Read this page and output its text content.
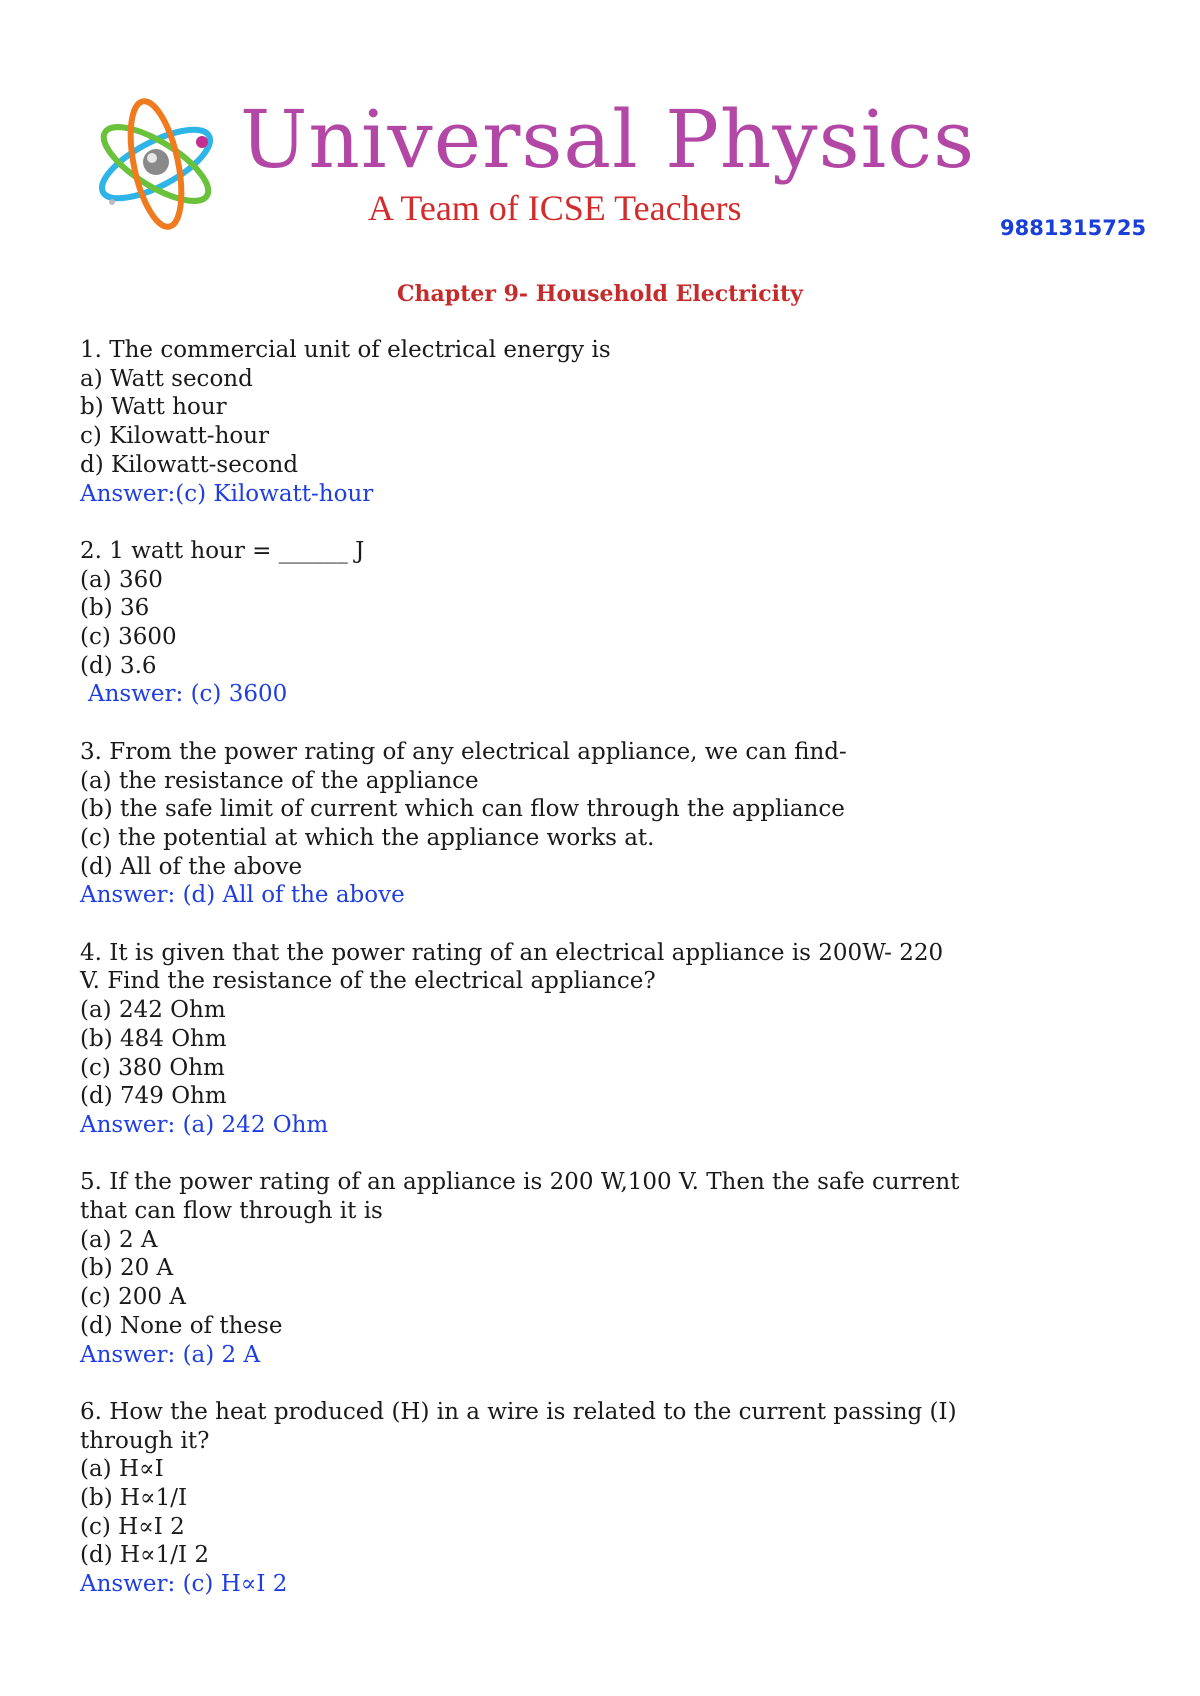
Universal Physics
A Team of ICSE Teachers	9881315725
Chapter 9- Household Electricity
1. The commercial unit of electrical energy is
a) Watt second
b) Watt hour
c) Kilowatt-hour
d) Kilowatt-second
Answer:(c) Kilowatt-hour
2. 1 watt hour = ______ J
(a) 360
(b) 36
(c) 3600
(d) 3.6
Answer: (c) 3600
3. From the power rating of any electrical appliance, we can find-
(a) the resistance of the appliance
(b) the safe limit of current which can flow through the appliance
(c) the potential at which the appliance works at.
(d) All of the above
Answer: (d) All of the above
4. It is given that the power rating of an electrical appliance is 200W- 220
V. Find the resistance of the electrical appliance?
(a) 242 Ohm
(b) 484 Ohm
(c) 380 Ohm
(d) 749 Ohm
Answer: (a) 242 Ohm
5. If the power rating of an appliance is 200 W,100 V. Then the safe current
that can flow through it is
(a) 2 A
(b) 20 A
(c) 200 A
(d) None of these
Answer: (a) 2 A
6. How the heat produced (H) in a wire is related to the current passing (I)
through it?
(a) H∝I
(b) H∝1/I
(c) H∝I 2
(d) H∝1/I 2
Answer: (c) H∝I 2
